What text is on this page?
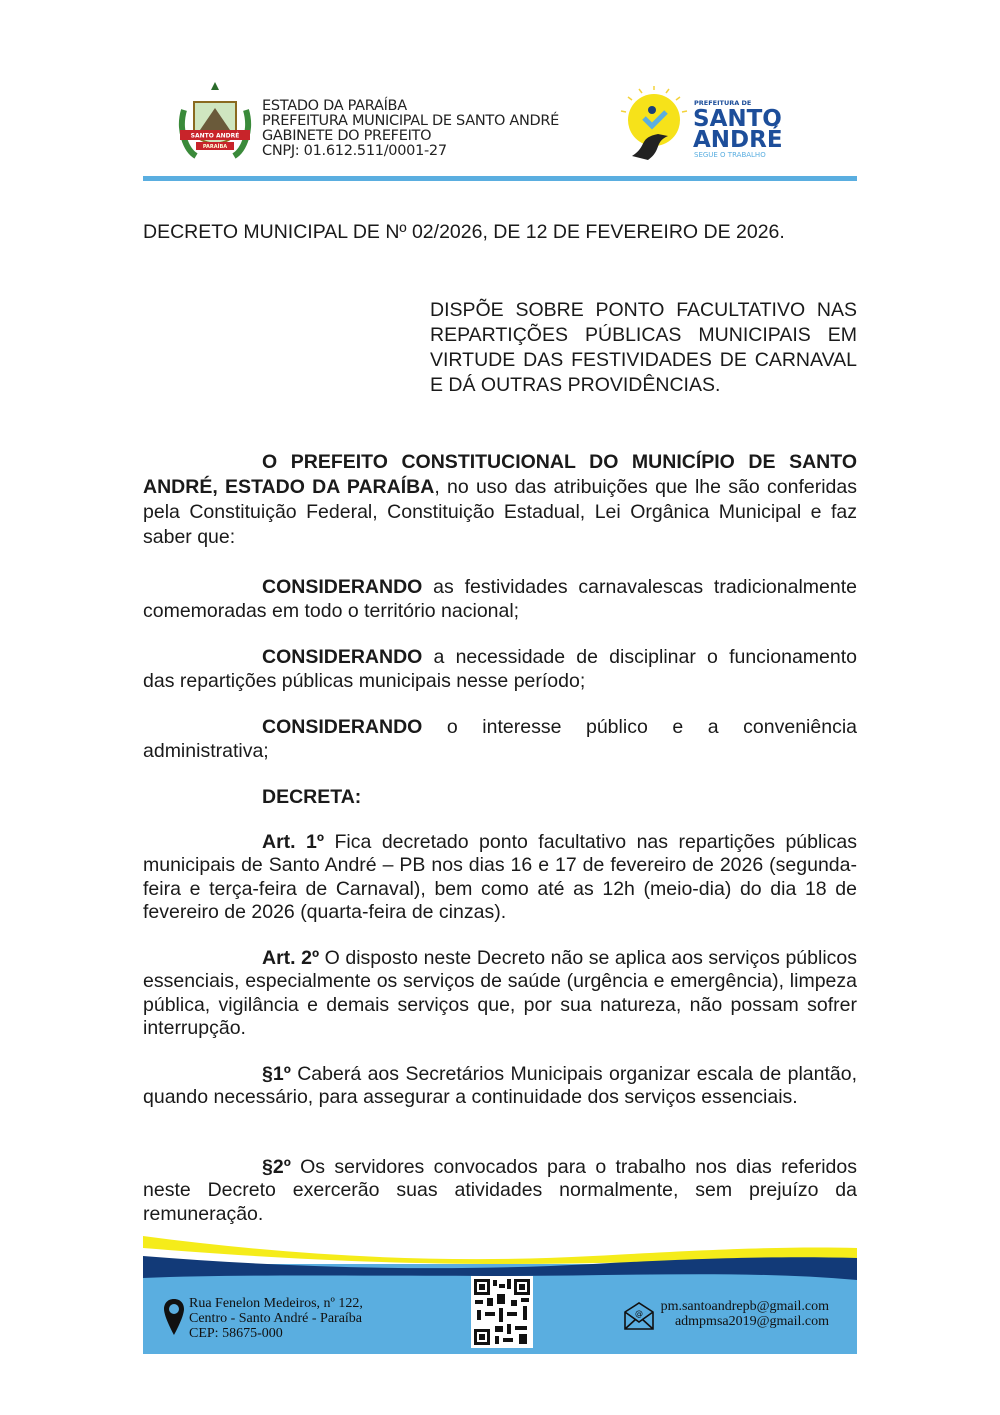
SANTO ANDRÉ
PARAÍBA
ESTADO DA PARAÍBA
PREFEITURA MUNICIPAL DE SANTO ANDRÉ
GABINETE DO PREFEITO
CNPJ: 01.612.511/0001-27
PREFEITURA DE
SANTO
ANDRÉ
SEGUE O TRABALHO
DECRETO MUNICIPAL DE Nº 02/2026, DE 12 DE FEVEREIRO DE 2026.
DISPÕE SOBRE PONTO FACULTATIVO NAS
REPARTIÇÕES PÚBLICAS MUNICIPAIS EM
VIRTUDE DAS FESTIVIDADES DE CARNAVAL
E DÁ OUTRAS PROVIDÊNCIAS.
O PREFEITO CONSTITUCIONAL DO MUNICÍPIO DE SANTO ANDRÉ, ESTADO DA PARAÍBA, no uso das atribuições que lhe são conferidas pela Constituição Federal, Constituição Estadual, Lei Orgânica Municipal e faz saber que:
CONSIDERANDO as festividades carnavalescas tradicionalmente comemoradas em todo o território nacional;
CONSIDERANDO a necessidade de disciplinar o funcionamento das repartições públicas municipais nesse período;
CONSIDERANDO o interesse público e a conveniência administrativa;
DECRETA:
Art. 1º Fica decretado ponto facultativo nas repartições públicas municipais de Santo André – PB nos dias 16 e 17 de fevereiro de 2026 (segunda-feira e terça-feira de Carnaval), bem como até as 12h (meio-dia) do dia 18 de fevereiro de 2026 (quarta-feira de cinzas).
Art. 2º O disposto neste Decreto não se aplica aos serviços públicos essenciais, especialmente os serviços de saúde (urgência e emergência), limpeza pública, vigilância e demais serviços que, por sua natureza, não possam sofrer interrupção.
§1º Caberá aos Secretários Municipais organizar escala de plantão, quando necessário, para assegurar a continuidade dos serviços essenciais.
§2º Os servidores convocados para o trabalho nos dias referidos neste Decreto exercerão suas atividades normalmente, sem prejuízo da remuneração.
Rua Fenelon Medeiros, nº 122,
Centro - Santo André - Paraíba
CEP: 58675-000
@ pm.santoandrepb@gmail.com
admpmsa2019@gmail.com
